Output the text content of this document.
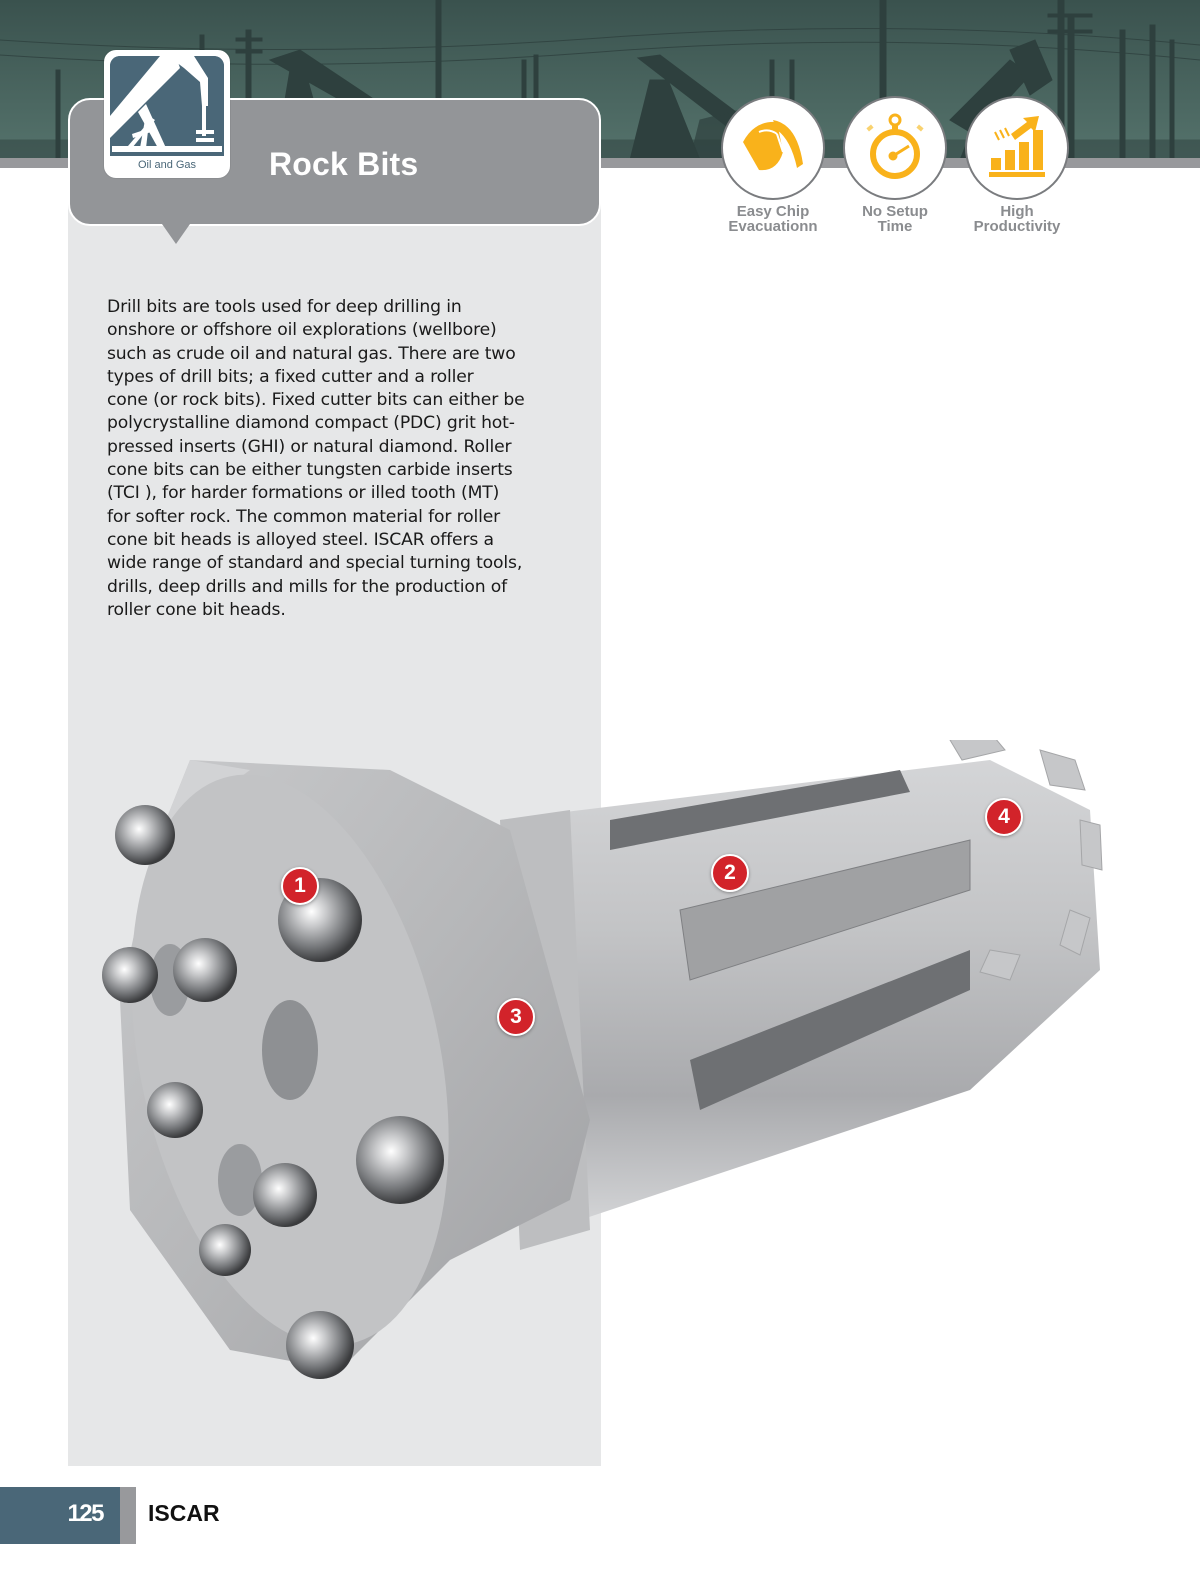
Rock Bits
Oil and Gas
Easy Chip
Evacuationn
No Setup
Time
High
Productivity
Drill bits are tools used for deep drilling in
onshore or offshore oil explorations (wellbore)
such as crude oil and natural gas. There are two
types of drill bits; a fixed cutter and a roller
cone (or rock bits). Fixed cutter bits can either be
polycrystalline diamond compact (PDC) grit hot-
pressed inserts (GHI) or natural diamond. Roller
cone bits can be either tungsten carbide inserts
(TCI ), for harder formations or illed tooth (MT)
for softer rock. The common material for roller
cone bit heads is alloyed steel. ISCAR offers a
wide range of standard and special turning tools,
drills, deep drills and mills for the production of
roller cone bit heads.
1
2
3
4
125 ISCAR
